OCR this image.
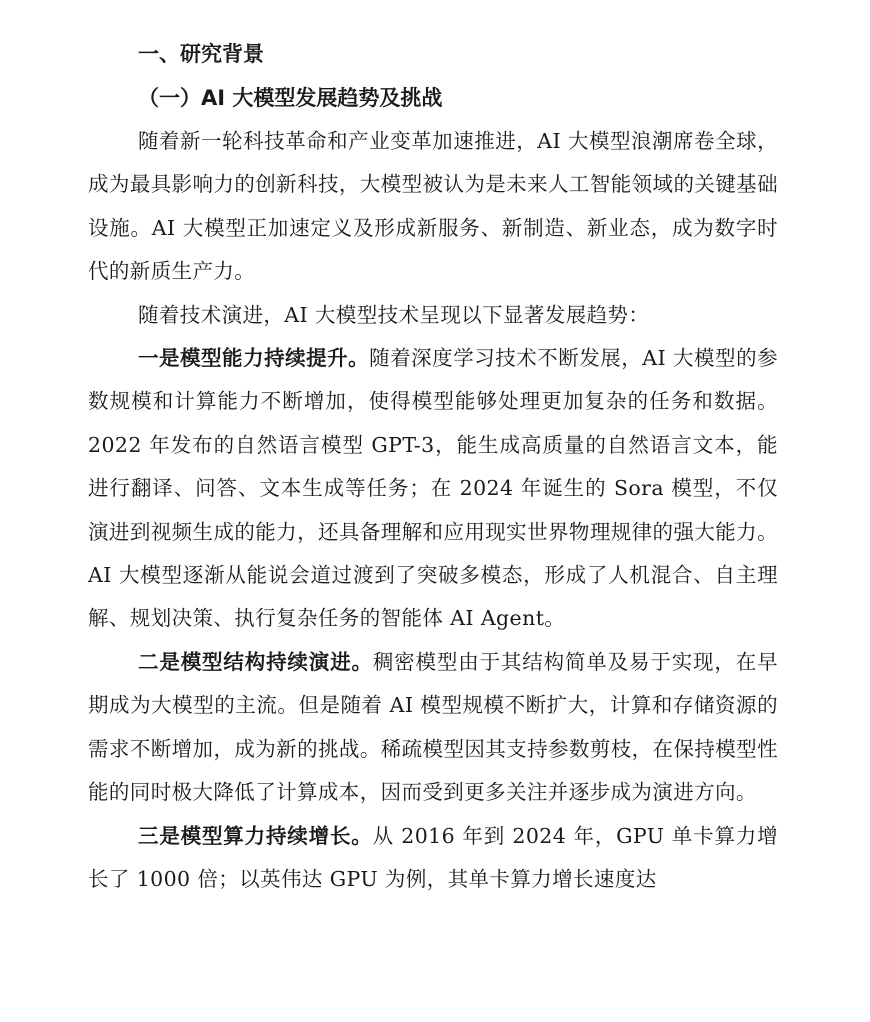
一、研究背景
（一）AI 大模型发展趋势及挑战

随着新一轮科技革命和产业变革加速推进，AI 大模型浪潮席卷全球，成为最具影响力的创新科技，大模型被认为是未来人工智能领域的关键基础设施。AI 大模型正加速定义及形成新服务、新制造、新业态，成为数字时代的新质生产力。

随着技术演进，AI 大模型技术呈现以下显著发展趋势：

一是模型能力持续提升。随着深度学习技术不断发展，AI 大模型的参数规模和计算能力不断增加，使得模型能够处理更加复杂的任务和数据。2022 年发布的自然语言模型 GPT-3，能生成高质量的自然语言文本，能进行翻译、问答、文本生成等任务；在 2024 年诞生的 Sora 模型，不仅演进到视频生成的能力，还具备理解和应用现实世界物理规律的强大能力。AI 大模型逐渐从能说会道过渡到了突破多模态，形成了人机混合、自主理解、规划决策、执行复杂任务的智能体 AI Agent。

二是模型结构持续演进。稠密模型由于其结构简单及易于实现，在早期成为大模型的主流。但是随着 AI 模型规模不断扩大，计算和存储资源的需求不断增加，成为新的挑战。稀疏模型因其支持参数剪枝，在保持模型性能的同时极大降低了计算成本，因而受到更多关注并逐步成为演进方向。

三是模型算力持续增长。从 2016 年到 2024 年，GPU 单卡算力增长了 1000 倍；以英伟达 GPU 为例，其单卡算力增长速度达
